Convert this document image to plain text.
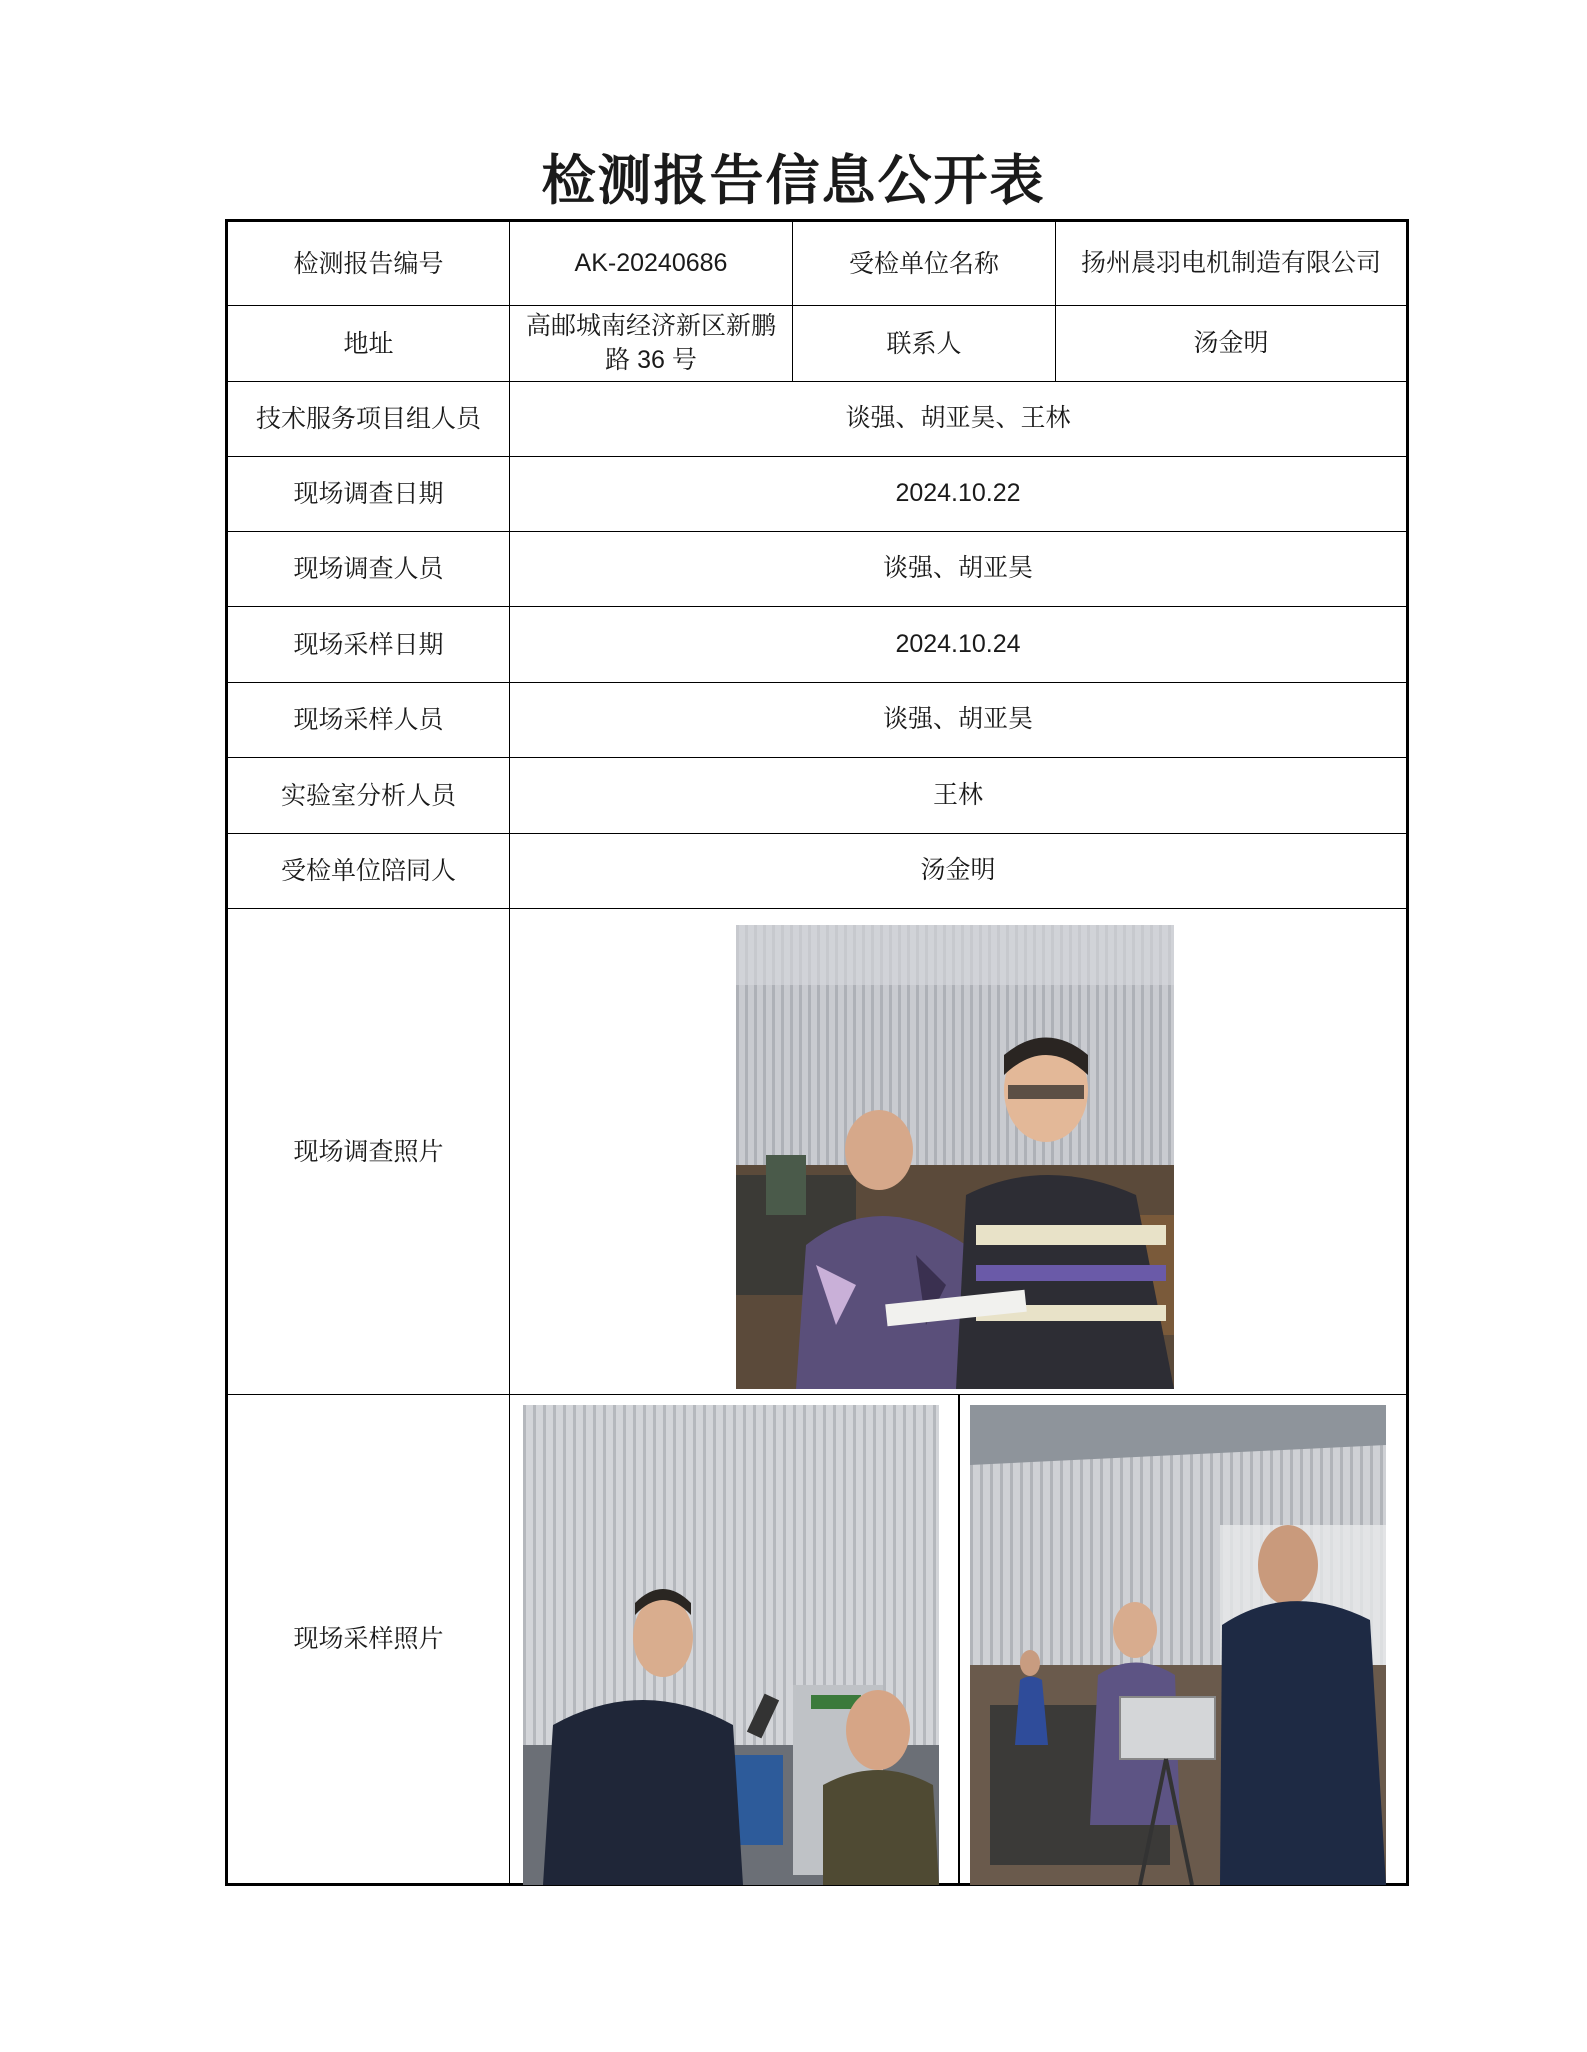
检测报告信息公开表
检测报告编号	AK-20240686	受检单位名称	扬州晨羽电机制造有限公司
地址	高邮城南经济新区新鹏路 36 号	联系人	汤金明
技术服务项目组人员	谈强、胡亚昊、王林		
现场调查日期	2024.10.22		
现场调查人员	谈强、胡亚昊		
现场采样日期	2024.10.24		
现场采样人员	谈强、胡亚昊		
实验室分析人员	王林		
受检单位陪同人	汤金明		
现场调查照片	

现场采样照片	
